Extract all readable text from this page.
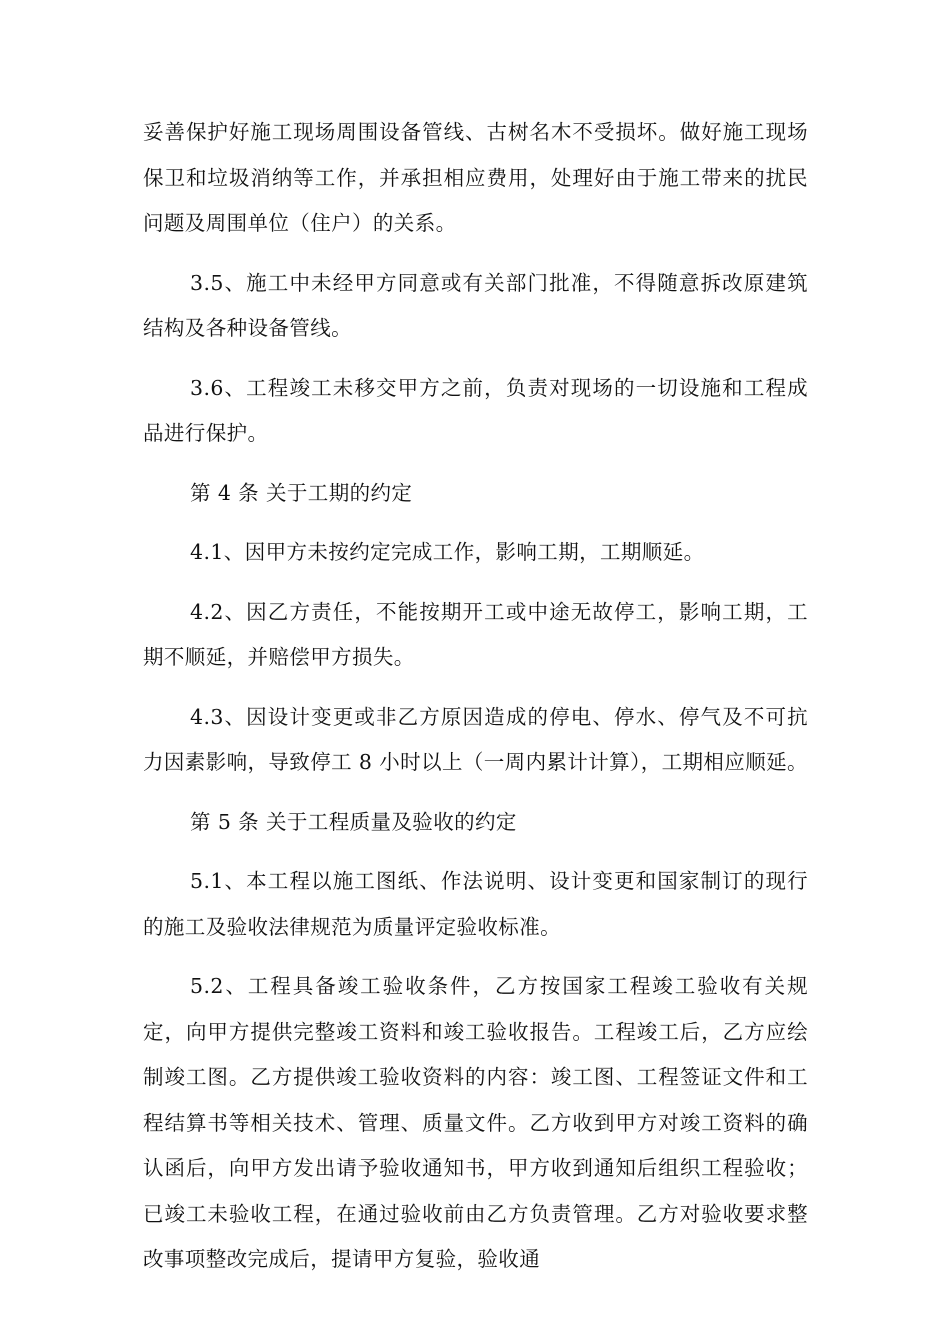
妥善保护好施工现场周围设备管线、古树名木不受损坏。做好施工现场保卫和垃圾消纳等工作，并承担相应费用，处理好由于施工带来的扰民问题及周围单位（住户）的关系。

3.5、施工中未经甲方同意或有关部门批准，不得随意拆改原建筑结构及各种设备管线。

3.6、工程竣工未移交甲方之前，负责对现场的一切设施和工程成品进行保护。

第 4 条 关于工期的约定

4.1、因甲方未按约定完成工作，影响工期，工期顺延。

4.2、因乙方责任，不能按期开工或中途无故停工，影响工期，工期不顺延，并赔偿甲方损失。

4.3、因设计变更或非乙方原因造成的停电、停水、停气及不可抗力因素影响，导致停工 8 小时以上（一周内累计计算），工期相应顺延。

第 5 条 关于工程质量及验收的约定

5.1、本工程以施工图纸、作法说明、设计变更和国家制订的现行的施工及验收法律规范为质量评定验收标准。

5.2、工程具备竣工验收条件，乙方按国家工程竣工验收有关规定，向甲方提供完整竣工资料和竣工验收报告。工程竣工后，乙方应绘制竣工图。乙方提供竣工验收资料的内容：竣工图、工程签证文件和工程结算书等相关技术、管理、质量文件。乙方收到甲方对竣工资料的确认函后，向甲方发出请予验收通知书，甲方收到通知后组织工程验收；已竣工未验收工程，在通过验收前由乙方负责管理。乙方对验收要求整改事项整改完成后，提请甲方复验，验收通
